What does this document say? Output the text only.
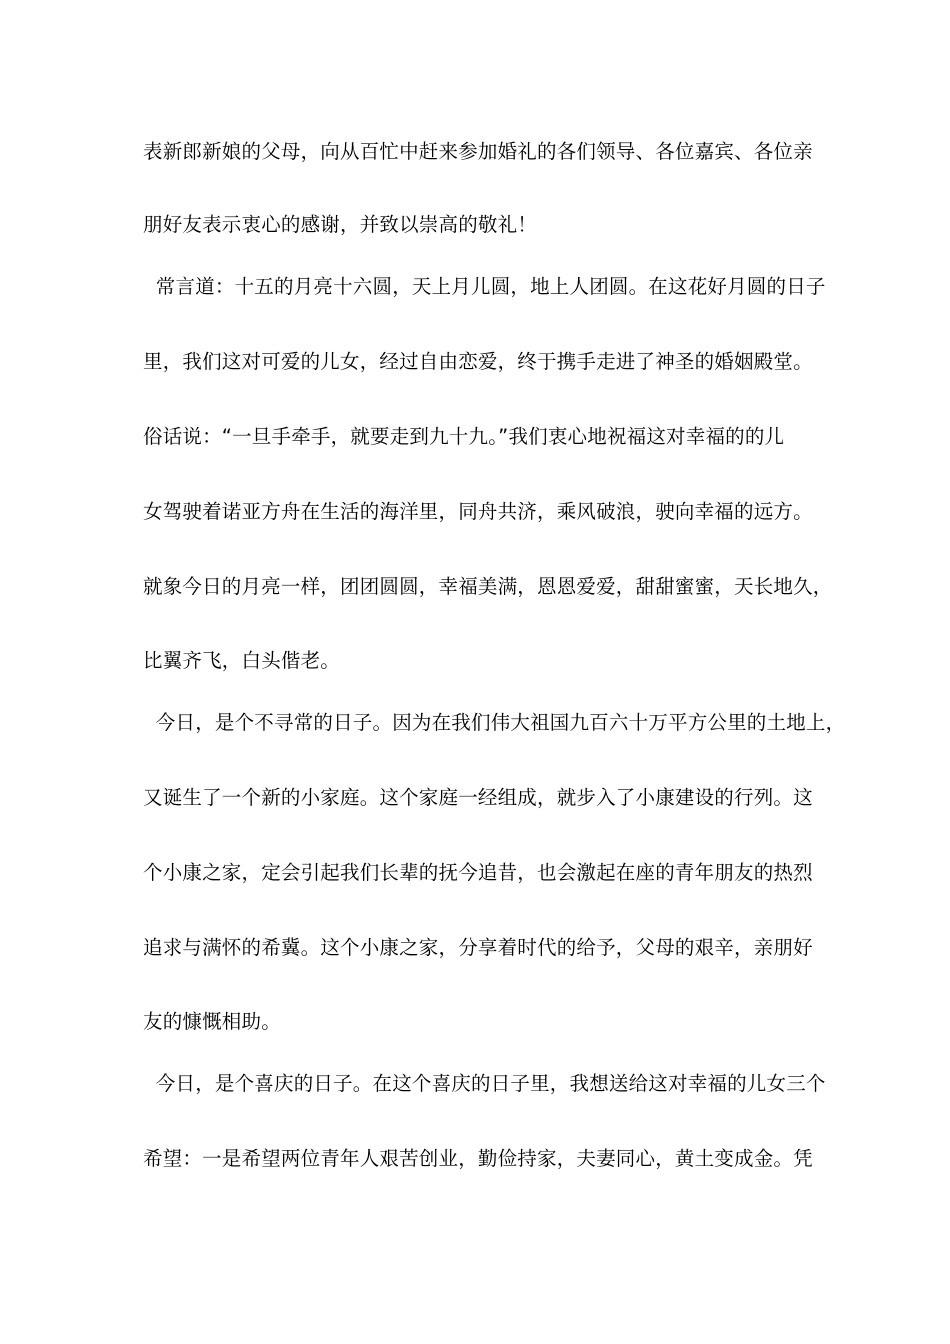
表新郎新娘的父母，向从百忙中赶来参加婚礼的各们领导、各位嘉宾、各位亲
朋好友表示衷心的感谢，并致以崇高的敬礼！
常言道：十五的月亮十六圆，天上月儿圆，地上人团圆。在这花好月圆的日子
里，我们这对可爱的儿女，经过自由恋爱，终于携手走进了神圣的婚姻殿堂。
俗话说：“一旦手牵手，就要走到九十九。”我们衷心地祝福这对幸福的的儿
女驾驶着诺亚方舟在生活的海洋里，同舟共济，乘风破浪，驶向幸福的远方。
就象今日的月亮一样，团团圆圆，幸福美满，恩恩爱爱，甜甜蜜蜜，天长地久，
比翼齐飞，白头偕老。
今日，是个不寻常的日子。因为在我们伟大祖国九百六十万平方公里的土地上，
又诞生了一个新的小家庭。这个家庭一经组成，就步入了小康建设的行列。这
个小康之家，定会引起我们长辈的抚今追昔，也会激起在座的青年朋友的热烈
追求与满怀的希冀。这个小康之家，分享着时代的给予，父母的艰辛，亲朋好
友的慷慨相助。
今日，是个喜庆的日子。在这个喜庆的日子里，我想送给这对幸福的儿女三个
希望：一是希望两位青年人艰苦创业，勤俭持家，夫妻同心，黄土变成金。凭
